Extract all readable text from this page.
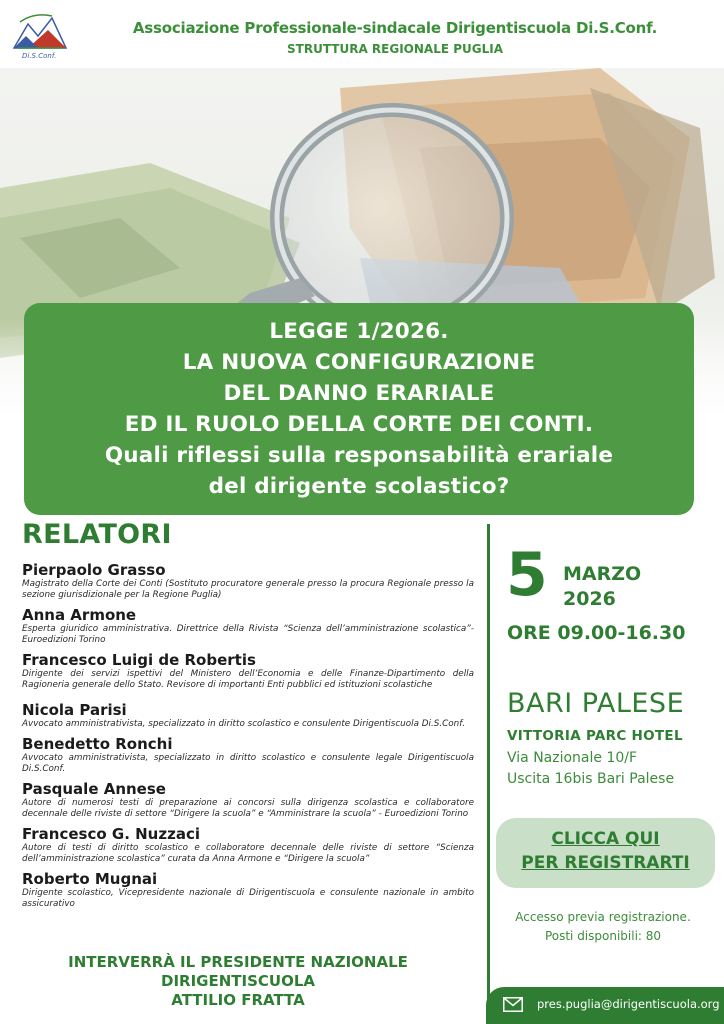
Di.S.Conf.
Associazione Professionale-sindacale Dirigentiscuola Di.S.Conf.
STRUTTURA REGIONALE PUGLIA
LEGGE 1/2026.
LA NUOVA CONFIGURAZIONE
DEL DANNO ERARIALE
ED IL RUOLO DELLA CORTE DEI CONTI.
Quali riflessi sulla responsabilità erariale
del dirigente scolastico?
RELATORI
Pierpaolo Grasso
Magistrato della Corte dei Conti (Sostituto procuratore generale presso la procura Regionale presso la sezione giurisdizionale per la Regione Puglia)
Anna Armone
Esperta giuridico amministrativa. Direttrice della Rivista “Scienza dell’amministrazione scolastica”- Euroedizioni Torino
Francesco Luigi de Robertis
Dirigente dei servizi ispettivi del Ministero dell’Economia e delle Finanze-Dipartimento della Ragioneria generale dello Stato. Revisore di importanti Enti pubblici ed istituzioni scolastiche
Nicola Parisi
Avvocato amministrativista, specializzato in diritto scolastico e consulente Dirigentiscuola Di.S.Conf.
Benedetto Ronchi
Avvocato amministrativista, specializzato in diritto scolastico e consulente legale Dirigentiscuola Di.S.Conf.
Pasquale Annese
Autore di numerosi testi di preparazione ai concorsi sulla dirigenza scolastica e collaboratore decennale delle riviste di settore “Dirigere la scuola” e “Amministrare la scuola” - Euroedizioni Torino
Francesco G. Nuzzaci
Autore di testi di diritto scolastico e collaboratore decennale delle riviste di settore “Scienza dell’amministrazione scolastica” curata da Anna Armone e “Dirigere la scuola”
Roberto Mugnai
Dirigente scolastico, Vicepresidente nazionale di Dirigentiscuola e consulente nazionale in ambito assicurativo
5 MARZO
2026
ORE 09.00-16.30
BARI PALESE
VITTORIA PARC HOTEL
Via Nazionale 10/F
Uscita 16bis Bari Palese
CLICCA QUI
PER REGISTRARTI
Accesso previa registrazione.
Posti disponibili: 80
INTERVERRÀ IL PRESIDENTE NAZIONALE
DIRIGENTISCUOLA
ATTILIO FRATTA	pres.puglia@dirigentiscuola.org
